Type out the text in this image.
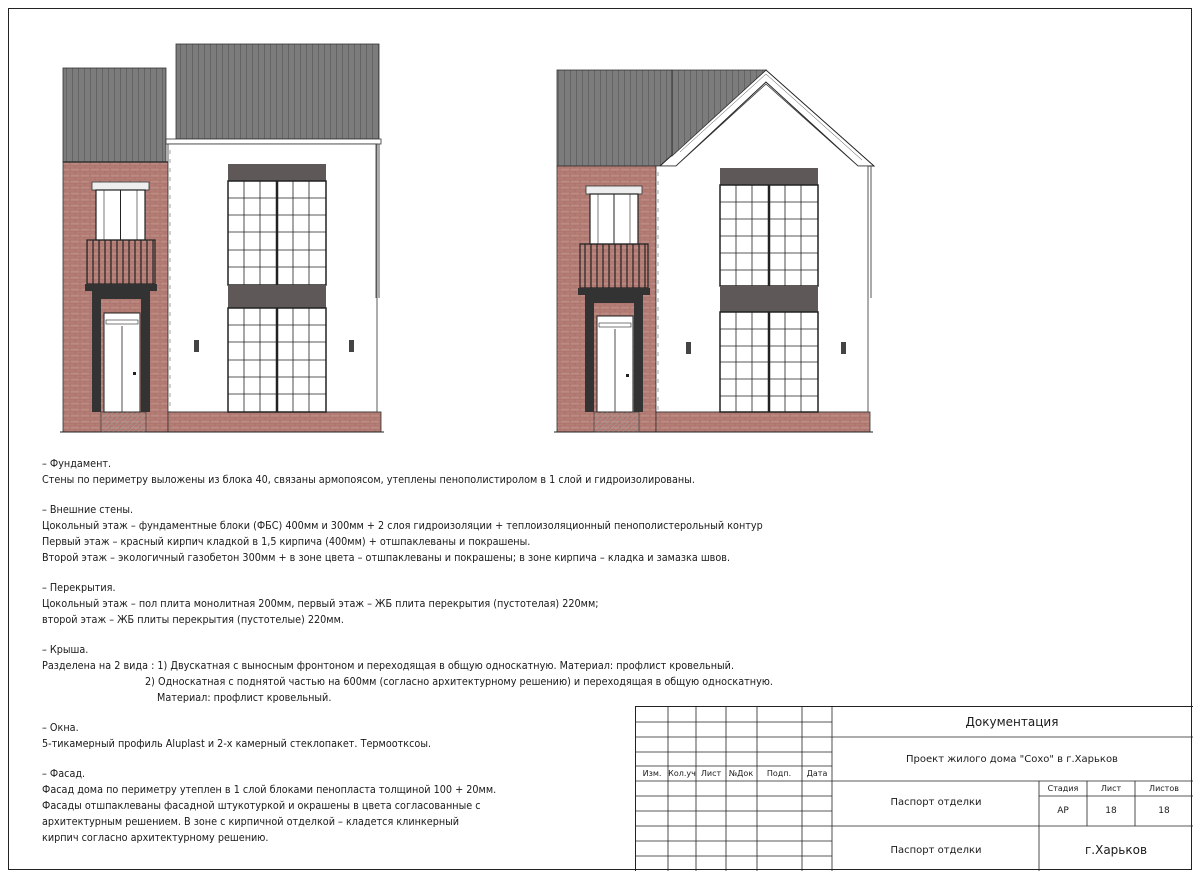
– Фундамент.

Стены по периметру выложены из блока 40, связаны армопоясом, утеплены пенополистиролом в 1 слой и гидроизолированы.

– Внешние стены.

Цокольный этаж – фундаментные блоки (ФБС) 400мм и 300мм + 2 слоя гидроизоляции + теплоизоляционный пенополистерольный контур

Первый этаж – красный кирпич кладкой в 1,5 кирпича (400мм) + отшпаклеваны и покрашены.

Второй этаж – экологичный газобетон 300мм + в зоне цвета – отшпаклеваны и покрашены; в зоне кирпича – кладка и замазка швов.

– Перекрытия.

Цокольный этаж – пол плита монолитная 200мм, первый этаж – ЖБ плита перекрытия (пустотелая) 220мм;

второй этаж – ЖБ плиты перекрытия (пустотелые) 220мм.

– Крыша.

Разделена на 2 вида : 1) Двускатная с выносным фронтоном и переходящая в общую односкатную. Материал: профлист кровельный.

2) Односкатная с поднятой частью на 600мм (согласно архитектурному решению) и переходящая в общую односкатную.

Материал: профлист кровельный.

– Окна.

5-тикамерный профиль Aluplast и 2-х камерный стеклопакет. Термоотксоы.

– Фасад.

Фасад дома по периметру утеплен в 1 слой блоками пенопласта толщиной 100 + 20мм.

Фасады отшпаклеваны фасадной штукотуркой и окрашены в цвета согласованные с

архитектурным решением. В зоне с кирпичной отделкой – кладется клинкерный

кирпич согласно архитектурному решению.

Документация
Проект жилого дома "Сохо" в г.Харьков
Изм. Кол.уч Лист №Док Подп. Дата
Паспорт отделки
Паспорт отделки
Стадия	Лист	Листов
АР	18	18
г.Харьков
